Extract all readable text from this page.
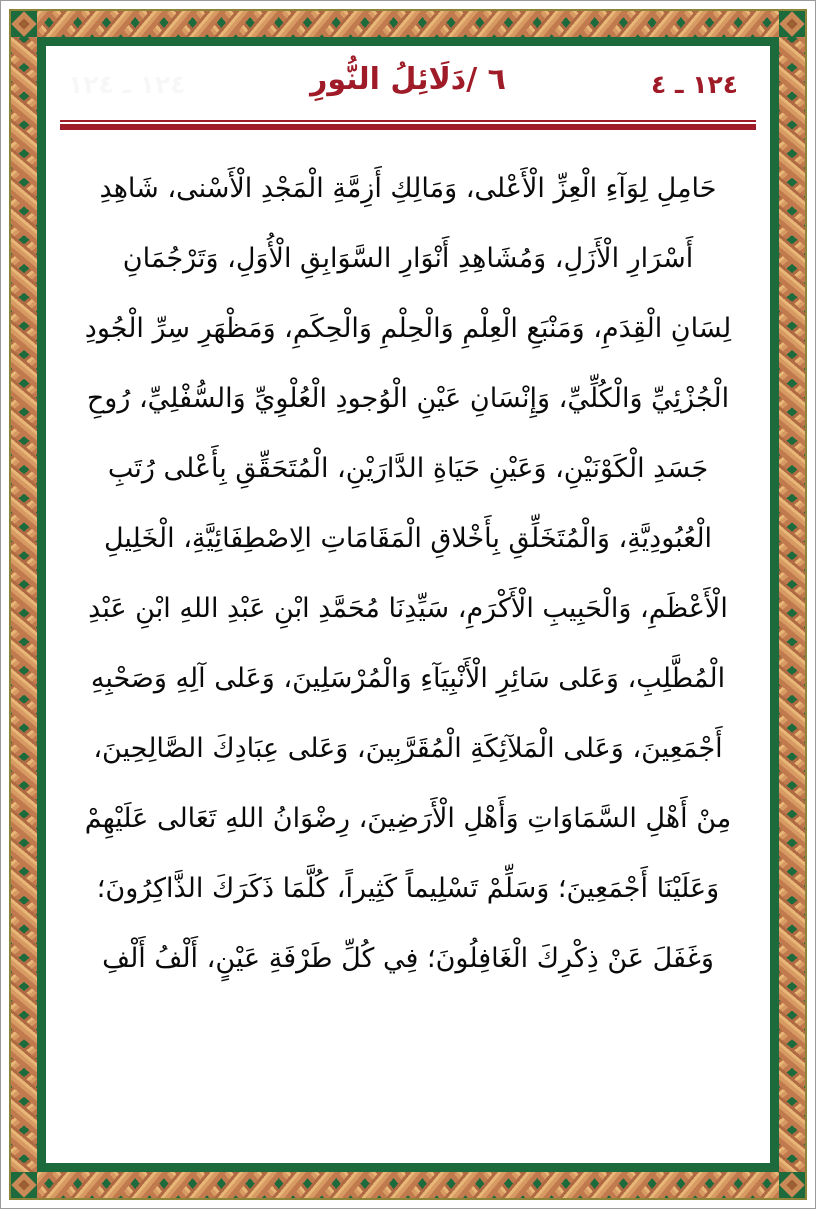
١٢٤ ـ ١٢٤	٦ /دَلَائِلُ النُّورِ	١٢٤ ـ ٤
حَامِلِ لِوَآءِ الْعِزِّ الْأَعْلى، وَمَالِكِ أَزِمَّةِ الْمَجْدِ الْأَسْنى، شَاهِدِ
أَسْرَارِ الْأَزَلِ، وَمُشَاهِدِ أَنْوَارِ السَّوَابِقِ الْأُوَلِ، وَتَرْجُمَانِ
لِسَانِ الْقِدَمِ، وَمَنْبَعِ الْعِلْمِ وَالْحِلْمِ وَالْحِكَمِ، وَمَظْهَرِ سِرِّ الْجُودِ
الْجُزْئِيِّ وَالْكُلِّيِّ، وَإِنْسَانِ عَيْنِ الْوُجودِ الْعُلْوِيِّ وَالسُّفْلِيِّ، رُوحِ
جَسَدِ الْكَوْنَيْنِ، وَعَيْنِ حَيَاةِ الدَّارَيْنِ، الْمُتَحَقِّقِ بِأَعْلى رُتَبِ
الْعُبُودِيَّةِ، وَالْمُتَخَلِّقِ بِأَخْلاقِ الْمَقَامَاتِ الِاصْطِفَائِيَّةِ، الْخَلِيلِ
الْأَعْظَمِ، وَالْحَبِيبِ الْأَكْرَمِ، سَيِّدِنَا مُحَمَّدِ ابْنِ عَبْدِ اللهِ ابْنِ عَبْدِ
الْمُطَّلِبِ، وَعَلى سَائِرِ الْأَنْبِيَآءِ وَالْمُرْسَلِينَ، وَعَلى آلِهِ وَصَحْبِهِ
أَجْمَعِينَ، وَعَلى الْمَلآئِكَةِ الْمُقَرَّبِينَ، وَعَلى عِبَادِكَ الصَّالِحِينَ،
مِنْ أَهْلِ السَّمَاوَاتِ وَأَهْلِ الْأَرَضِينَ، رِضْوَانُ اللهِ تَعَالى عَلَيْهِمْ
وَعَلَيْنَا أَجْمَعِينَ؛ وَسَلِّمْ تَسْلِيماً كَثِيراً، كُلَّمَا ذَكَرَكَ الذَّاكِرُونَ؛
وَغَفَلَ عَنْ ذِكْرِكَ الْغَافِلُونَ؛ فِي كُلِّ طَرْفَةِ عَيْنٍ، أَلْفُ أَلْفِ
